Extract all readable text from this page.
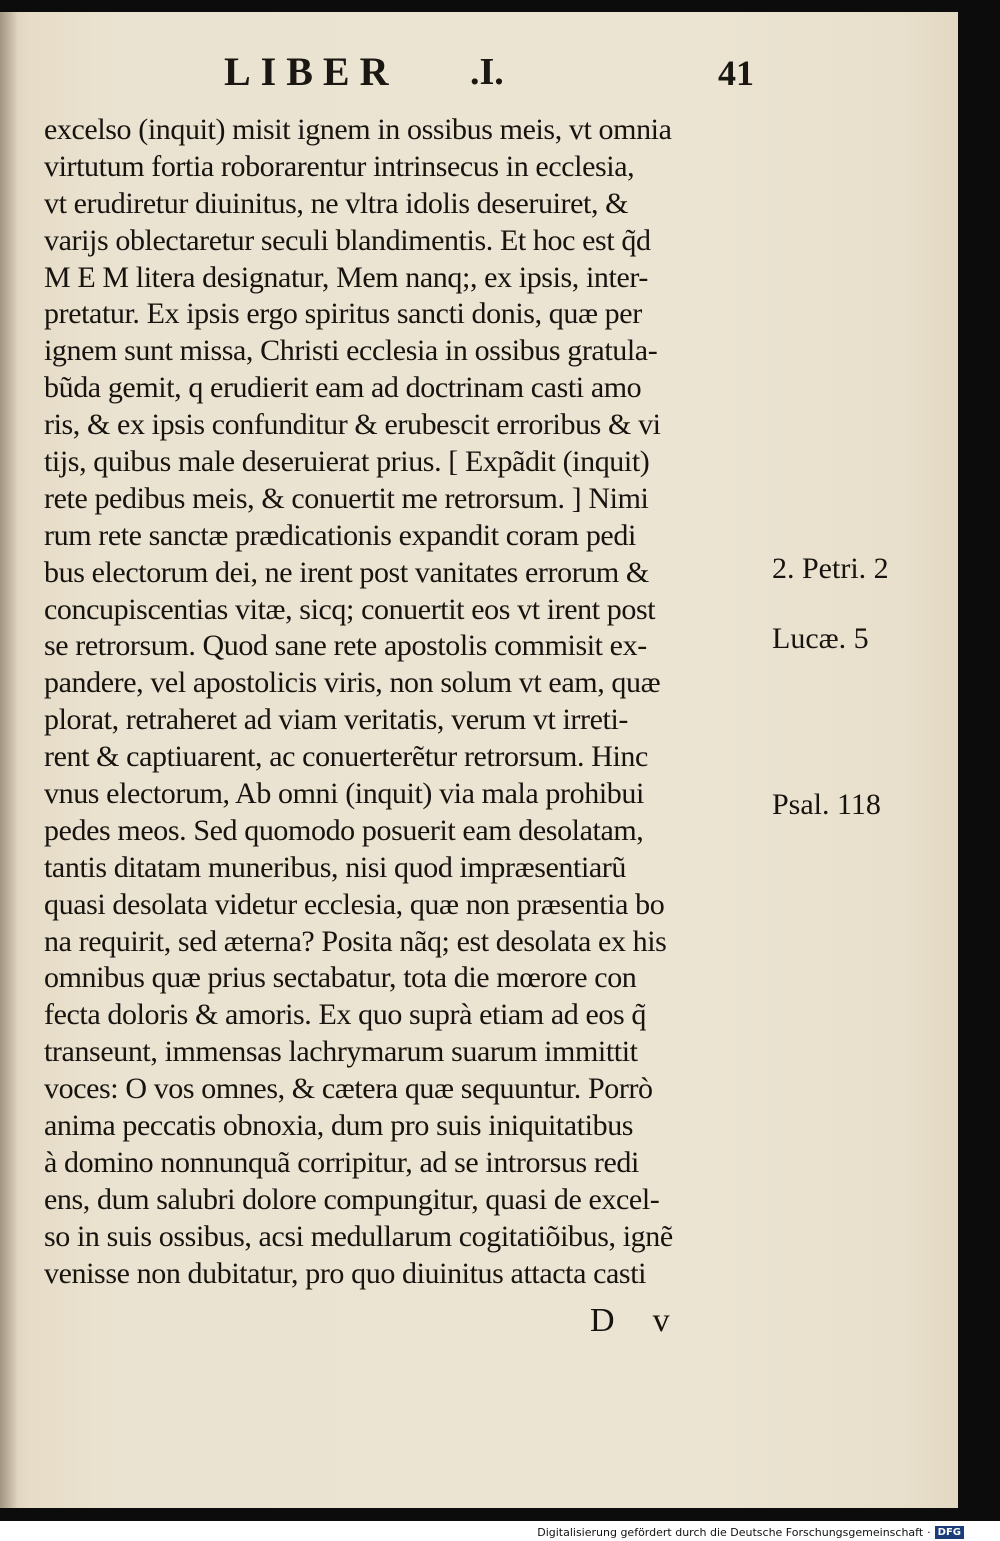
LIBER .I.	41
excelso (inquit) misit ignem in ossibus meis, vt omnia
virtutum fortia roborarentur intrinsecus in ecclesia,
vt erudiretur diuinitus, ne vltra idolis deseruiret, &
varijs oblectaretur seculi blandimentis. Et hoc est q̃d
M E M litera designatur, Mem nanq;, ex ipsis, inter-
pretatur. Ex ipsis ergo spiritus sancti donis, quæ per
ignem sunt missa, Christi ecclesia in ossibus gratula-
bũda gemit, q erudierit eam ad doctrinam casti amo
ris, & ex ipsis confunditur & erubescit erroribus & vi
tijs, quibus male deseruierat prius. [ Expãdit (inquit)
rete pedibus meis, & conuertit me retrorsum. ] Nimi
rum rete sanctæ prædicationis expandit coram pedi
bus electorum dei, ne irent post vanitates errorum &
concupiscentias vitæ, sicq; conuertit eos vt irent post
se retrorsum. Quod sane rete apostolis commisit ex-
pandere, vel apostolicis viris, non solum vt eam, quæ
plorat, retraheret ad viam veritatis, verum vt irreti-
rent & captiuarent, ac conuerterẽtur retrorsum. Hinc
vnus electorum, Ab omni (inquit) via mala prohibui
pedes meos. Sed quomodo posuerit eam desolatam,
tantis ditatam muneribus, nisi quod impræsentiarũ
quasi desolata videtur ecclesia, quæ non præsentia bo
na requirit, sed æterna? Posita nãq; est desolata ex his
omnibus quæ prius sectabatur, tota die mœrore con
fecta doloris & amoris. Ex quo suprà etiam ad eos q̃
transeunt, immensas lachrymarum suarum immittit
voces: O vos omnes, & cætera quæ sequuntur. Porrò
anima peccatis obnoxia, dum pro suis iniquitatibus
à domino nonnunquã corripitur, ad se introrsus redi
ens, dum salubri dolore compungitur, quasi de excel-
so in suis ossibus, acsi medullarum cogitatiõibus, ignẽ
venisse non dubitatur, pro quo diuinitus attacta casti
2. Petri. 2
Lucæ. 5
Psal. 118
D v
Digitalisierung gefördert durch die Deutsche Forschungsgemeinschaft · DFG
